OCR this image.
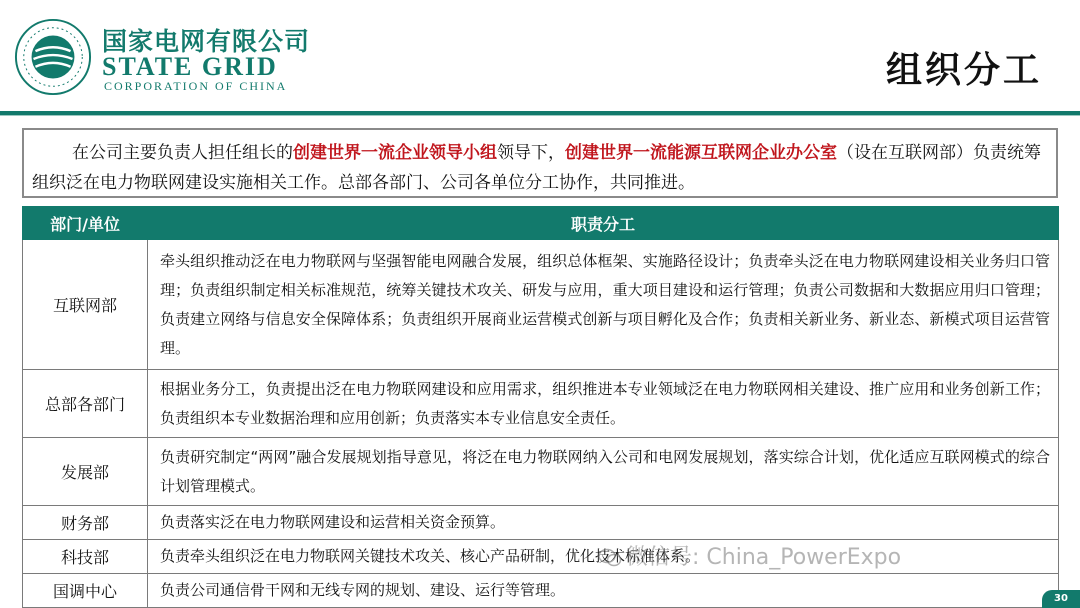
国家电网有限公司
STATE GRID
CORPORATION OF CHINA	组织分工
在公司主要负责人担任组长的创建世界一流企业领导小组领导下，创建世界一流能源互联网企业办公室（设在互联网部）负责统筹组织泛在电力物联网建设实施相关工作。总部各部门、公司各单位分工协作，共同推进。
部门/单位	职责分工
互联网部	牵头组织推动泛在电力物联网与坚强智能电网融合发展，组织总体框架、实施路径设计；负责牵头泛在电力物联网建设相关业务归口管理；负责组织制定相关标准规范，统筹关键技术攻关、研发与应用，重大项目建设和运行管理；负责公司数据和大数据应用归口管理；负责建立网络与信息安全保障体系；负责组织开展商业运营模式创新与项目孵化及合作；负责相关新业务、新业态、新模式项目运营管理。
总部各部门	根据业务分工，负责提出泛在电力物联网建设和应用需求，组织推进本专业领域泛在电力物联网相关建设、推广应用和业务创新工作；负责组织本专业数据治理和应用创新；负责落实本专业信息安全责任。
发展部	负责研究制定“两网”融合发展规划指导意见，将泛在电力物联网纳入公司和电网发展规划，落实综合计划，优化适应互联网模式的综合计划管理模式。
财务部	负责落实泛在电力物联网建设和运营相关资金预算。
科技部	负责牵头组织泛在电力物联网关键技术攻关、核心产品研制，优化技术标准体系。
国调中心	负责公司通信骨干网和无线专网的规划、建设、运行等管理。
微信号: China_PowerExpo
30
